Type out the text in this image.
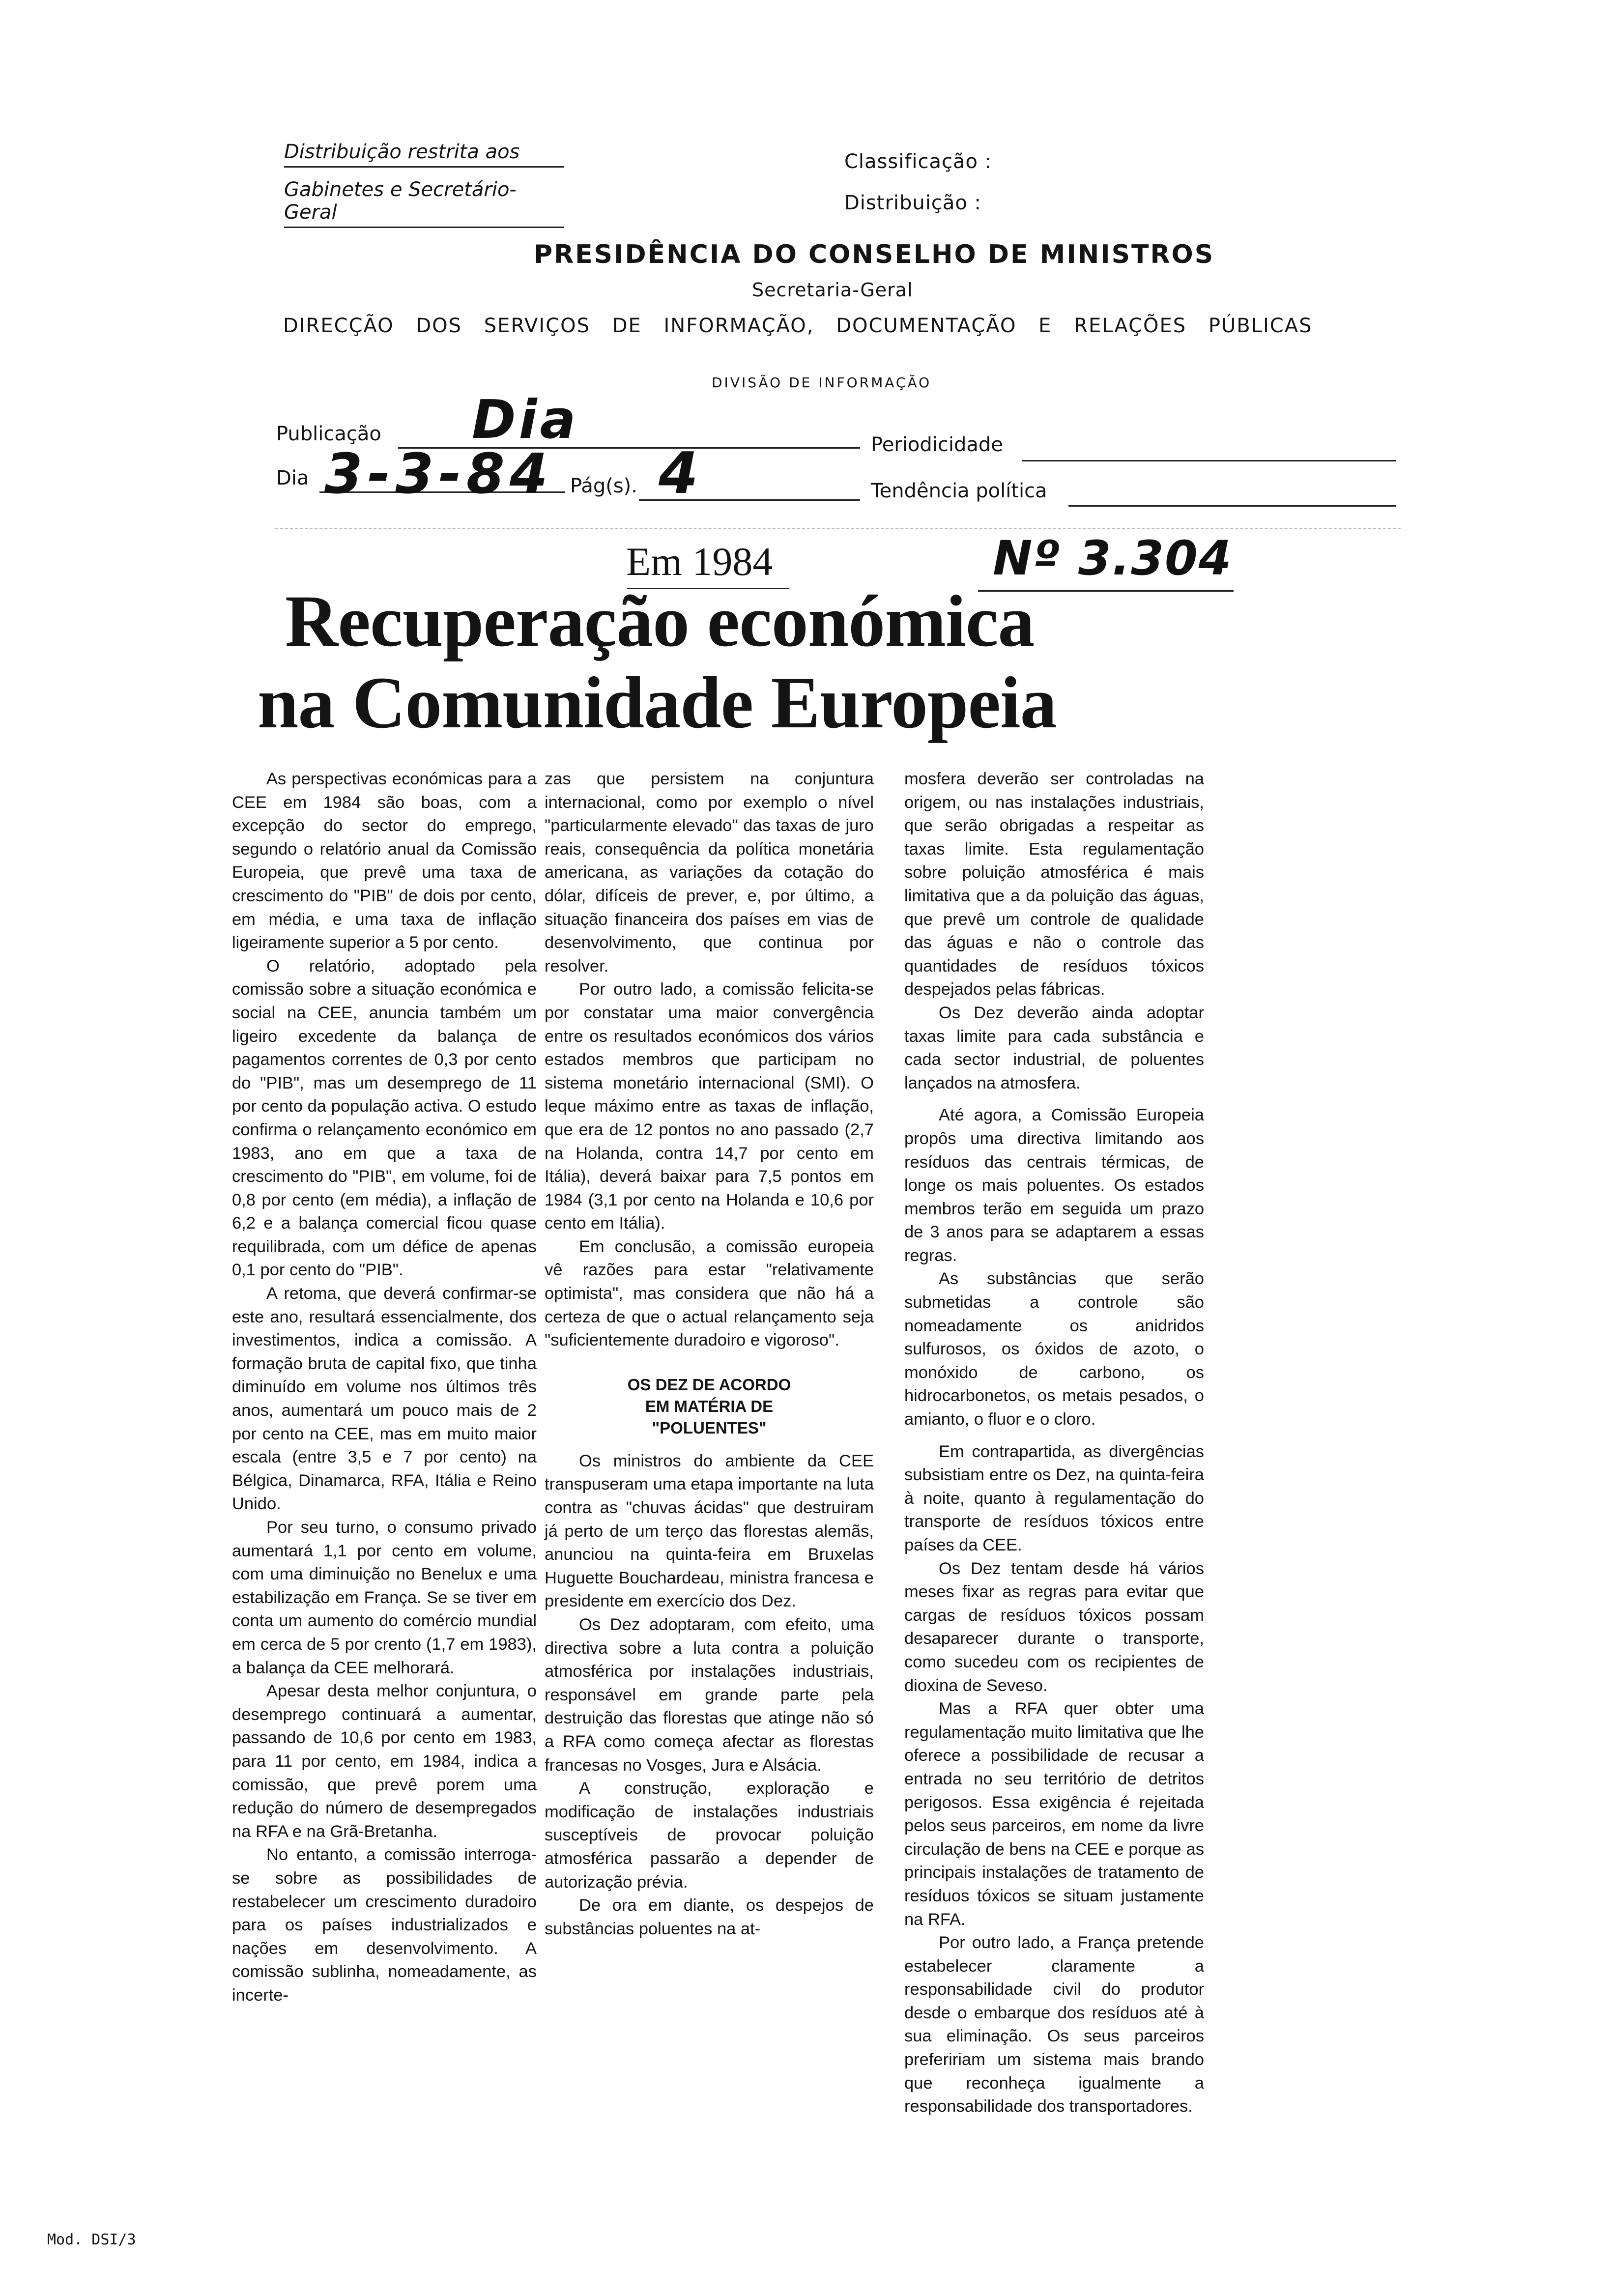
Distribuição restrita aos
Gabinetes e Secretário-Geral
Classificação :
Distribuição :
PRESIDÊNCIA DO CONSELHO DE MINISTROS
Secretaria-Geral
DIRECÇÃO DOS SERVIÇOS DE INFORMAÇÃO, DOCUMENTAÇÃO E RELAÇÕES PÚBLICAS
DIVISÃO DE INFORMAÇÃO
Publicação Dia	Periodicidade
Dia 3-3-84 Pág(s). 4	Tendência política
Em 1984	Nº 3.304
Recuperação económica
na Comunidade Europeia

As perspectivas económicas para a CEE em 1984 são boas, com a excepção do sector do emprego, segundo o relatório anual da Comissão Europeia, que prevê uma taxa de crescimento do "PIB" de dois por cento, em média, e uma taxa de inflação ligeiramente superior a 5 por cento.

O relatório, adoptado pela comissão sobre a situação económica e social na CEE, anuncia também um ligeiro excedente da balança de pagamentos correntes de 0,3 por cento do "PIB", mas um desemprego de 11 por cento da população activa. O estudo confirma o relançamento económico em 1983, ano em que a taxa de crescimento do "PIB", em volume, foi de 0,8 por cento (em média), a inflação de 6,2 e a balança comercial ficou quase requilibrada, com um défice de apenas 0,1 por cento do "PIB".

A retoma, que deverá confirmar-se este ano, resultará essencialmente, dos investimentos, indica a comissão. A formação bruta de capital fixo, que tinha diminuído em volume nos últimos três anos, aumentará um pouco mais de 2 por cento na CEE, mas em muito maior escala (entre 3,5 e 7 por cento) na Bélgica, Dinamarca, RFA, Itália e Reino Unido.

Por seu turno, o consumo privado aumentará 1,1 por cento em volume, com uma diminuição no Benelux e uma estabilização em França. Se se tiver em conta um aumento do comércio mundial em cerca de 5 por crento (1,7 em 1983), a balança da CEE melhorará.

Apesar desta melhor conjuntura, o desemprego continuará a aumentar, passando de 10,6 por cento em 1983, para 11 por cento, em 1984, indica a comissão, que prevê porem uma redução do número de desempregados na RFA e na Grã-Bretanha.

No entanto, a comissão interroga-se sobre as possibilidades de restabelecer um crescimento duradoiro para os países industrializados e nações em desenvolvimento. A comissão sublinha, nomeadamente, as incerte-

zas que persistem na conjuntura internacional, como por exemplo o nível "particularmente elevado" das taxas de juro reais, consequência da política monetária americana, as variações da cotação do dólar, difíceis de prever, e, por último, a situação financeira dos países em vias de desenvolvimento, que continua por resolver.

Por outro lado, a comissão felicita-se por constatar uma maior convergência entre os resultados económicos dos vários estados membros que participam no sistema monetário internacional (SMI). O leque máximo entre as taxas de inflação, que era de 12 pontos no ano passado (2,7 na Holanda, contra 14,7 por cento em Itália), deverá baixar para 7,5 pontos em 1984 (3,1 por cento na Holanda e 10,6 por cento em Itália).

Em conclusão, a comissão europeia vê razões para estar "relativamente optimista", mas considera que não há a certeza de que o actual relançamento seja "suficientemente duradoiro e vigoroso".

OS DEZ DE ACORDO
EM MATÉRIA DE
"POLUENTES"

Os ministros do ambiente da CEE transpuseram uma etapa importante na luta contra as "chuvas ácidas" que destruiram já perto de um terço das florestas alemãs, anunciou na quinta-feira em Bruxelas Huguette Bouchardeau, ministra francesa e presidente em exercício dos Dez.

Os Dez adoptaram, com efeito, uma directiva sobre a luta contra a poluição atmosférica por instalações industriais, responsável em grande parte pela destruição das florestas que atinge não só a RFA como começa afectar as florestas francesas no Vosges, Jura e Alsácia.

A construção, exploração e modificação de instalações industriais susceptíveis de provocar poluição atmosférica passarão a depender de autorização prévia.

De ora em diante, os despejos de substâncias poluentes na at-

mosfera deverão ser controladas na origem, ou nas instalações industriais, que serão obrigadas a respeitar as taxas limite. Esta regulamentação sobre poluição atmosférica é mais limitativa que a da poluição das águas, que prevê um controle de qualidade das águas e não o controle das quantidades de resíduos tóxicos despejados pelas fábricas.

Os Dez deverão ainda adoptar taxas limite para cada substância e cada sector industrial, de poluentes lançados na atmosfera.

Até agora, a Comissão Europeia propôs uma directiva limitando aos resíduos das centrais térmicas, de longe os mais poluentes. Os estados membros terão em seguida um prazo de 3 anos para se adaptarem a essas regras.

As substâncias que serão submetidas a controle são nomeadamente os anidridos sulfurosos, os óxidos de azoto, o monóxido de carbono, os hidrocarbonetos, os metais pesados, o amianto, o fluor e o cloro.

Em contrapartida, as divergências subsistiam entre os Dez, na quinta-feira à noite, quanto à regulamentação do transporte de resíduos tóxicos entre países da CEE.

Os Dez tentam desde há vários meses fixar as regras para evitar que cargas de resíduos tóxicos possam desaparecer durante o transporte, como sucedeu com os recipientes de dioxina de Seveso.

Mas a RFA quer obter uma regulamentação muito limitativa que lhe oferece a possibilidade de recusar a entrada no seu território de detritos perigosos. Essa exigência é rejeitada pelos seus parceiros, em nome da livre circulação de bens na CEE e porque as principais instalações de tratamento de resíduos tóxicos se situam justamente na RFA.

Por outro lado, a França pretende estabelecer claramente a responsabilidade civil do produtor desde o embarque dos resíduos até à sua eliminação. Os seus parceiros prefeririam um sistema mais brando que reconheça igualmente a responsabilidade dos transportadores.

Mod. DSI/3
